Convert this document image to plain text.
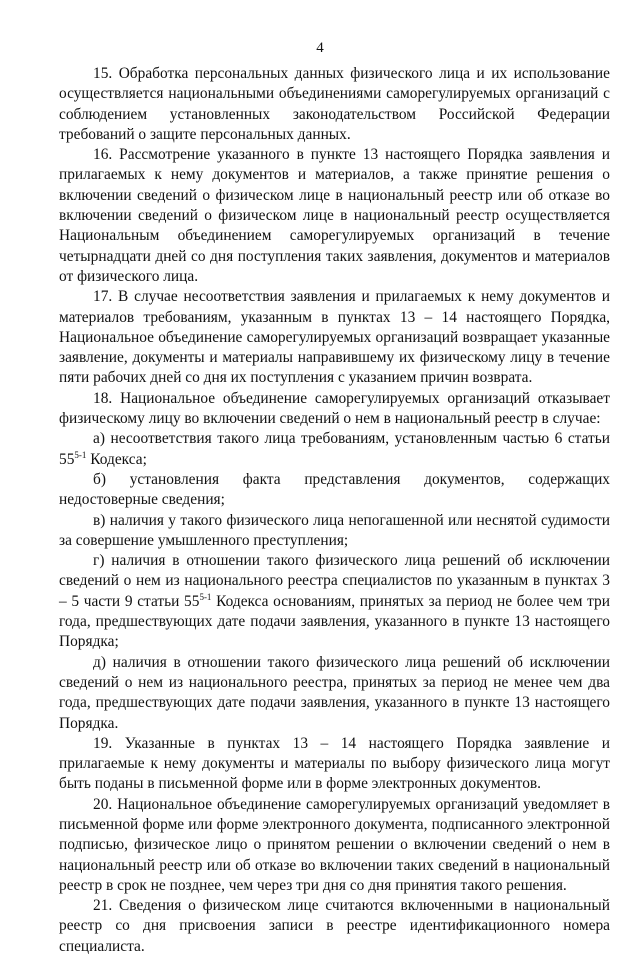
4

15. Обработка персональных данных физического лица и их использование осуществляется национальными объединениями саморегулируемых организаций с соблюдением установленных законодательством Российской Федерации требований о защите персональных данных.

16. Рассмотрение указанного в пункте 13 настоящего Порядка заявления и прилагаемых к нему документов и материалов, а также принятие решения о включении сведений о физическом лице в национальный реестр или об отказе во включении сведений о физическом лице в национальный реестр осуществляется Национальным объединением саморегулируемых организаций в течение четырнадцати дней со дня поступления таких заявления, документов и материалов от физического лица.

17. В случае несоответствия заявления и прилагаемых к нему документов и материалов требованиям, указанным в пунктах 13 – 14 настоящего Порядка, Национальное объединение саморегулируемых организаций возвращает указанные заявление, документы и материалы направившему их физическому лицу в течение пяти рабочих дней со дня их поступления с указанием причин возврата.

18. Национальное объединение саморегулируемых организаций отказывает физическому лицу во включении сведений о нем в национальный реестр в случае:

а) несоответствия такого лица требованиям, установленным частью 6 статьи 55$^{5-1}$ Кодекса;

б) установления факта представления документов, содержащих недостоверные сведения;

в) наличия у такого физического лица непогашенной или неснятой судимости за совершение умышленного преступления;

г) наличия в отношении такого физического лица решений об исключении сведений о нем из национального реестра специалистов по указанным в пунктах 3 – 5 части 9 статьи 55$^{5-1}$ Кодекса основаниям, принятых за период не более чем три года, предшествующих дате подачи заявления, указанного в пункте 13 настоящего Порядка;

д) наличия в отношении такого физического лица решений об исключении сведений о нем из национального реестра, принятых за период не менее чем два года, предшествующих дате подачи заявления, указанного в пункте 13 настоящего Порядка.

19. Указанные в пунктах 13 – 14 настоящего Порядка заявление и прилагаемые к нему документы и материалы по выбору физического лица могут быть поданы в письменной форме или в форме электронных документов.

20. Национальное объединение саморегулируемых организаций уведомляет в письменной форме или форме электронного документа, подписанного электронной подписью, физическое лицо о принятом решении о включении сведений о нем в национальный реестр или об отказе во включении таких сведений в национальный реестр в срок не позднее, чем через три дня со дня принятия такого решения.

21. Сведения о физическом лице считаются включенными в национальный реестр со дня присвоения записи в реестре идентификационного номера специалиста.
